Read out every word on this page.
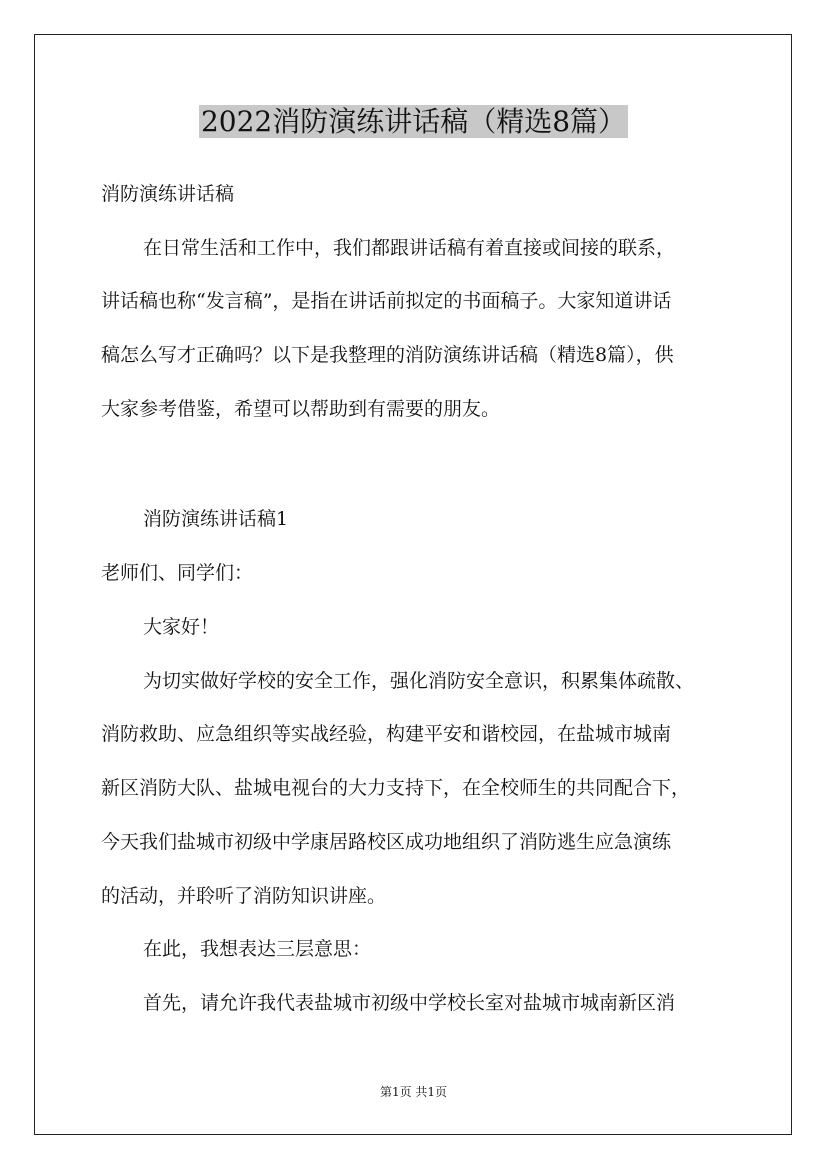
2022消防演练讲话稿（精选8篇）
消防演练讲话稿
在日常生活和工作中，我们都跟讲话稿有着直接或间接的联系，
讲话稿也称“发言稿”，是指在讲话前拟定的书面稿子。大家知道讲话
稿怎么写才正确吗？以下是我整理的消防演练讲话稿（精选8篇），供
大家参考借鉴，希望可以帮助到有需要的朋友。
消防演练讲话稿1
老师们、同学们：
大家好！
为切实做好学校的安全工作，强化消防安全意识，积累集体疏散、
消防救助、应急组织等实战经验，构建平安和谐校园，在盐城市城南
新区消防大队、盐城电视台的大力支持下，在全校师生的共同配合下，
今天我们盐城市初级中学康居路校区成功地组织了消防逃生应急演练
的活动，并聆听了消防知识讲座。
在此，我想表达三层意思：
首先，请允许我代表盐城市初级中学校长室对盐城市城南新区消
第1页 共1页
